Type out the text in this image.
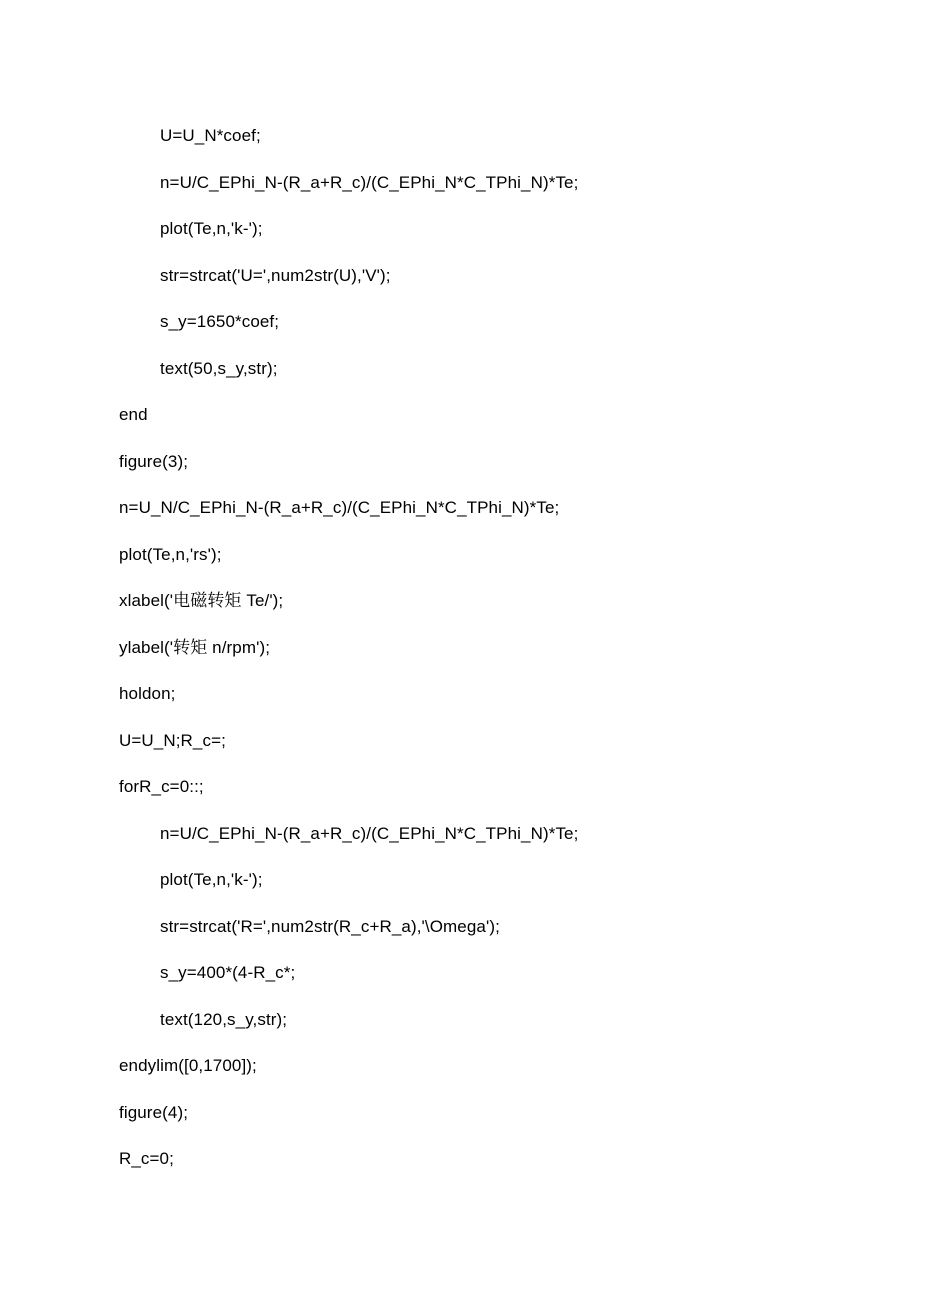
U=U_N*coef;
n=U/C_EPhi_N-(R_a+R_c)/(C_EPhi_N*C_TPhi_N)*Te;
plot(Te,n,'k-');
str=strcat('U=',num2str(U),'V');
s_y=1650*coef;
text(50,s_y,str);
end
figure(3);
n=U_N/C_EPhi_N-(R_a+R_c)/(C_EPhi_N*C_TPhi_N)*Te;
plot(Te,n,'rs');
xlabel('电磁转矩 Te/');
ylabel('转矩 n/rpm');
holdon;
U=U_N;R_c=;
forR_c=0::;
n=U/C_EPhi_N-(R_a+R_c)/(C_EPhi_N*C_TPhi_N)*Te;
plot(Te,n,'k-');
str=strcat('R=',num2str(R_c+R_a),'\Omega');
s_y=400*(4-R_c*;
text(120,s_y,str);
endylim([0,1700]);
figure(4);
R_c=0;
